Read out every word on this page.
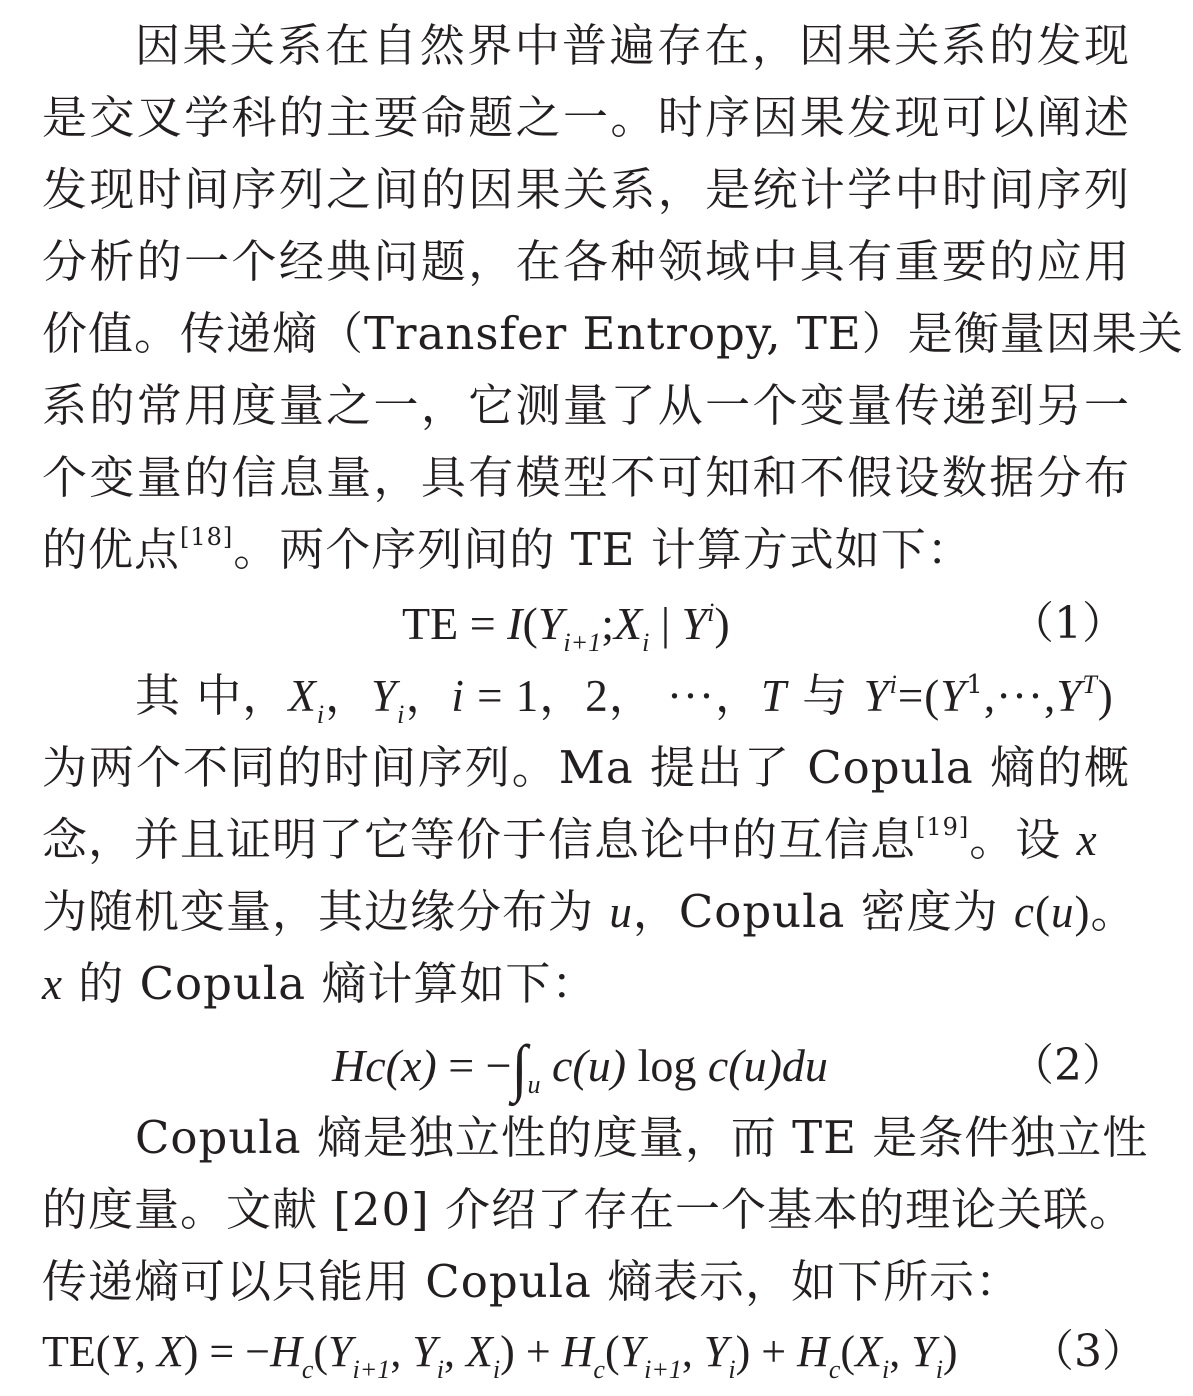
因果关系在自然界中普遍存在，因果关系的发现
是交叉学科的主要命题之一。时序因果发现可以阐述
发现时间序列之间的因果关系，是统计学中时间序列
分析的一个经典问题，在各种领域中具有重要的应用
价值。传递熵（Transfer Entropy, TE）是衡量因果关
系的常用度量之一，它测量了从一个变量传递到另一
个变量的信息量，具有模型不可知和不假设数据分布
的优点[18]。两个序列间的 TE 计算方式如下：
TE = $I(Y_{i+1};X_i$ | $Y^i$)	（1）
其 中，$X_i$，$Y_i$，i = 1，2， ···，T 与 $Y^i=(Y^1,\cdot\cdot\cdot,Y^T)$
为两个不同的时间序列。Ma 提出了 Copula 熵的概
念，并且证明了它等价于信息论中的互信息[19]。设 x
为随机变量，其边缘分布为 u，Copula 密度为 c(u)。
x 的 Copula 熵计算如下：
$Hc(x) = -\int_u$ c(u) log c(u)du	（2）
Copula 熵是独立性的度量，而 TE 是条件独立性
的度量。文献 [20] 介绍了存在一个基本的理论关联。
传递熵可以只能用 Copula 熵表示，如下所示：
TE(Y, $X) = -H_c(Y_{i+1}$, $Y_i$, $X_i) + H_c(Y_{i+1}$, $Y_i) + H_c(X_i$, $Y_i$) （3）
